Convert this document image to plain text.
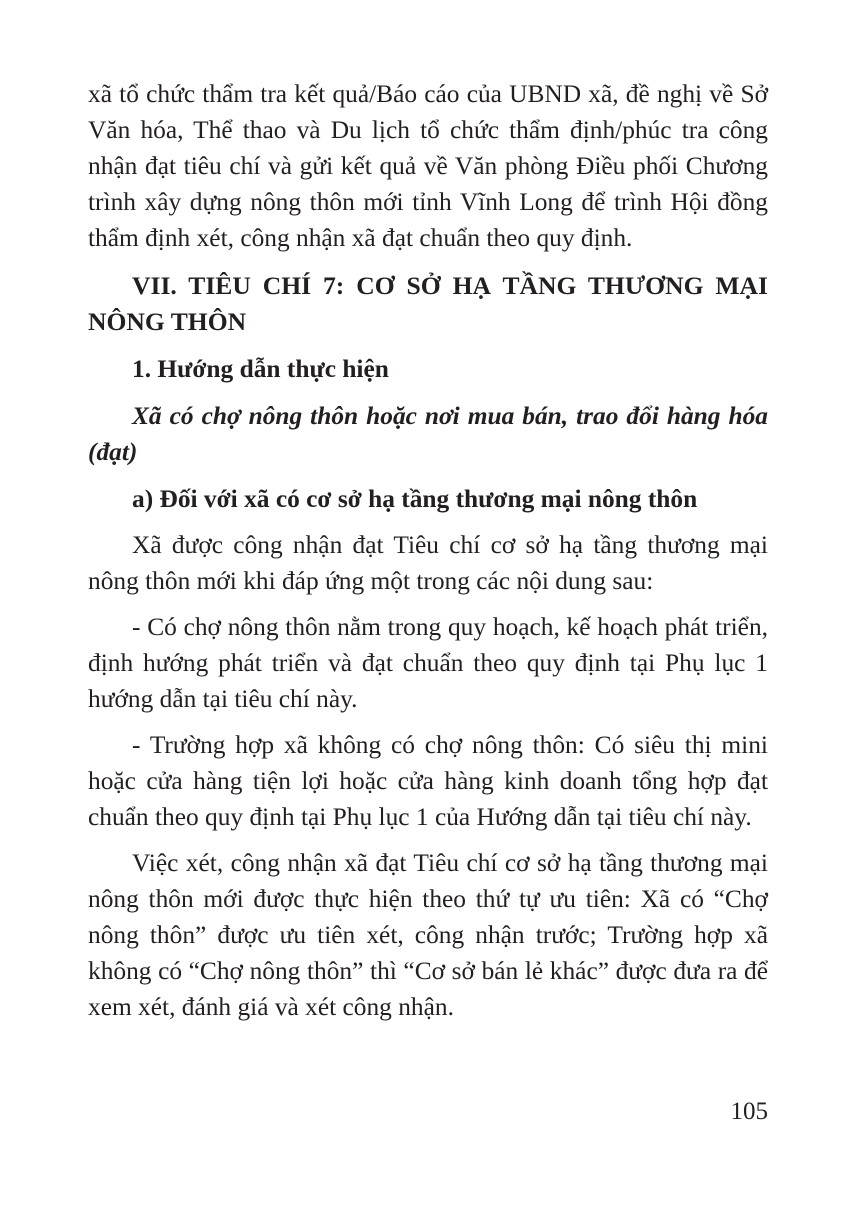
xã tổ chức thẩm tra kết quả/Báo cáo của UBND xã, đề nghị về Sở Văn hóa, Thể thao và Du lịch tổ chức thẩm định/phúc tra công nhận đạt tiêu chí và gửi kết quả về Văn phòng Điều phối Chương trình xây dựng nông thôn mới tỉnh Vĩnh Long để trình Hội đồng thẩm định xét, công nhận xã đạt chuẩn theo quy định.

VII. TIÊU CHÍ 7: CƠ SỞ HẠ TẦNG THƯƠNG MẠI NÔNG THÔN

1. Hướng dẫn thực hiện

Xã có chợ nông thôn hoặc nơi mua bán, trao đổi hàng hóa (đạt)

a) Đối với xã có cơ sở hạ tầng thương mại nông thôn

Xã được công nhận đạt Tiêu chí cơ sở hạ tầng thương mại nông thôn mới khi đáp ứng một trong các nội dung sau:

- Có chợ nông thôn nằm trong quy hoạch, kế hoạch phát triển, định hướng phát triển và đạt chuẩn theo quy định tại Phụ lục 1 hướng dẫn tại tiêu chí này.

- Trường hợp xã không có chợ nông thôn: Có siêu thị mini hoặc cửa hàng tiện lợi hoặc cửa hàng kinh doanh tổng hợp đạt chuẩn theo quy định tại Phụ lục 1 của Hướng dẫn tại tiêu chí này.

Việc xét, công nhận xã đạt Tiêu chí cơ sở hạ tầng thương mại nông thôn mới được thực hiện theo thứ tự ưu tiên: Xã có “Chợ nông thôn” được ưu tiên xét, công nhận trước; Trường hợp xã không có “Chợ nông thôn” thì “Cơ sở bán lẻ khác” được đưa ra để xem xét, đánh giá và xét công nhận.

105
